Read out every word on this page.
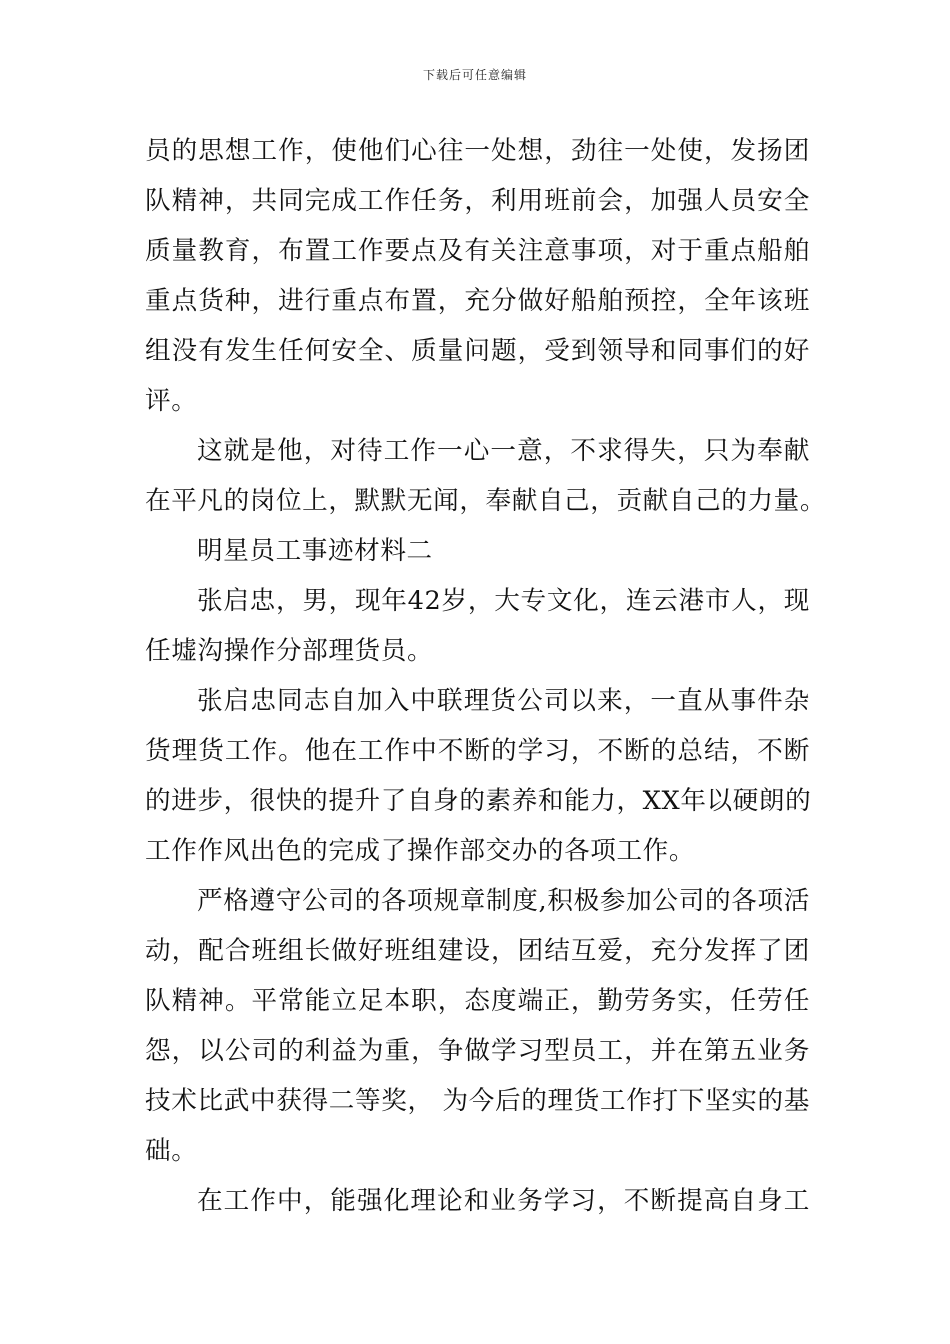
下载后可任意编辑
员的思想工作，使他们心往一处想，劲往一处使，发扬团
队精神，共同完成工作任务，利用班前会，加强人员安全
质量教育，布置工作要点及有关注意事项，对于重点船舶
重点货种，进行重点布置，充分做好船舶预控，全年该班
组没有发生任何安全、质量问题，受到领导和同事们的好
评。
这就是他，对待工作一心一意，不求得失，只为奉献
在平凡的岗位上，默默无闻，奉献自己，贡献自己的力量。
明星员工事迹材料二
张启忠，男，现年42岁，大专文化，连云港市人，现
任墟沟操作分部理货员。
张启忠同志自加入中联理货公司以来，一直从事件杂
货理货工作。他在工作中不断的学习，不断的总结，不断
的进步，很快的提升了自身的素养和能力，XX年以硬朗的
工作作风出色的完成了操作部交办的各项工作。
严格遵守公司的各项规章制度,积极参加公司的各项活
动，配合班组长做好班组建设，团结互爱，充分发挥了团
队精神。平常能立足本职，态度端正，勤劳务实，任劳任
怨，以公司的利益为重，争做学习型员工，并在第五业务
技术比武中获得二等奖， 为今后的理货工作打下坚实的基
础。
在工作中，能强化理论和业务学习，不断提高自身工
